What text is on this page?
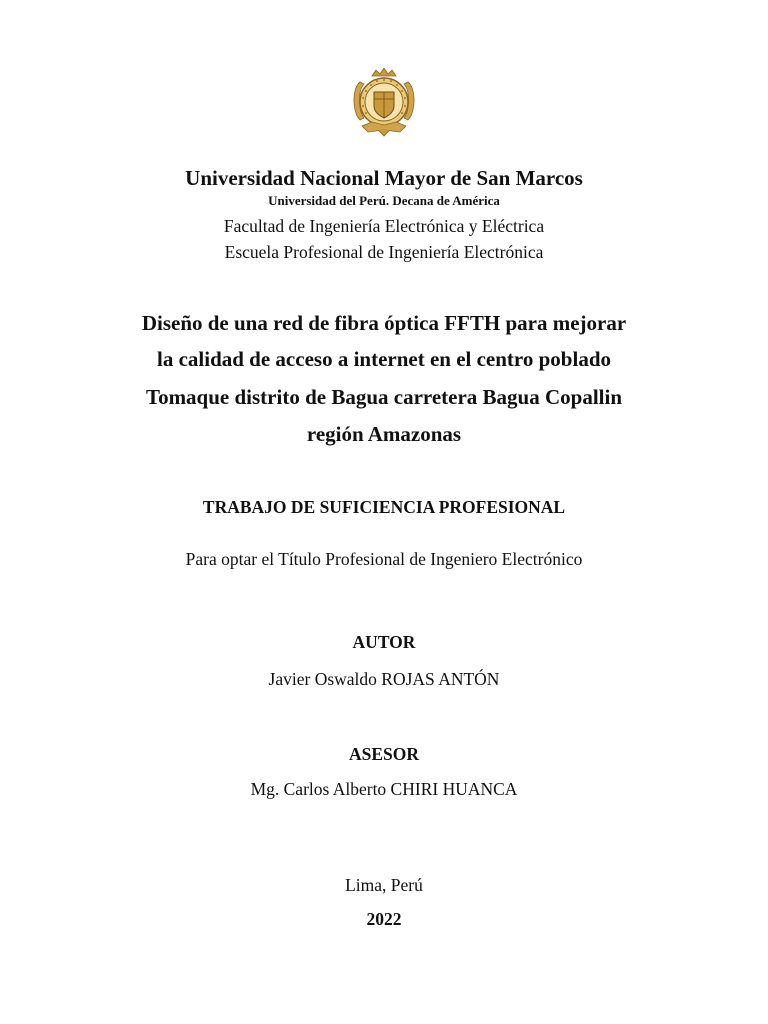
Universidad Nacional Mayor de San Marcos
Universidad del Perú. Decana de América
Facultad de Ingeniería Electrónica y Eléctrica
Escuela Profesional de Ingeniería Electrónica
Diseño de una red de fibra óptica FFTH para mejorar
la calidad de acceso a internet en el centro poblado
Tomaque distrito de Bagua carretera Bagua Copallin
región Amazonas
TRABAJO DE SUFICIENCIA PROFESIONAL
Para optar el Título Profesional de Ingeniero Electrónico
AUTOR
Javier Oswaldo ROJAS ANTÓN
ASESOR
Mg. Carlos Alberto CHIRI HUANCA
Lima, Perú
2022
